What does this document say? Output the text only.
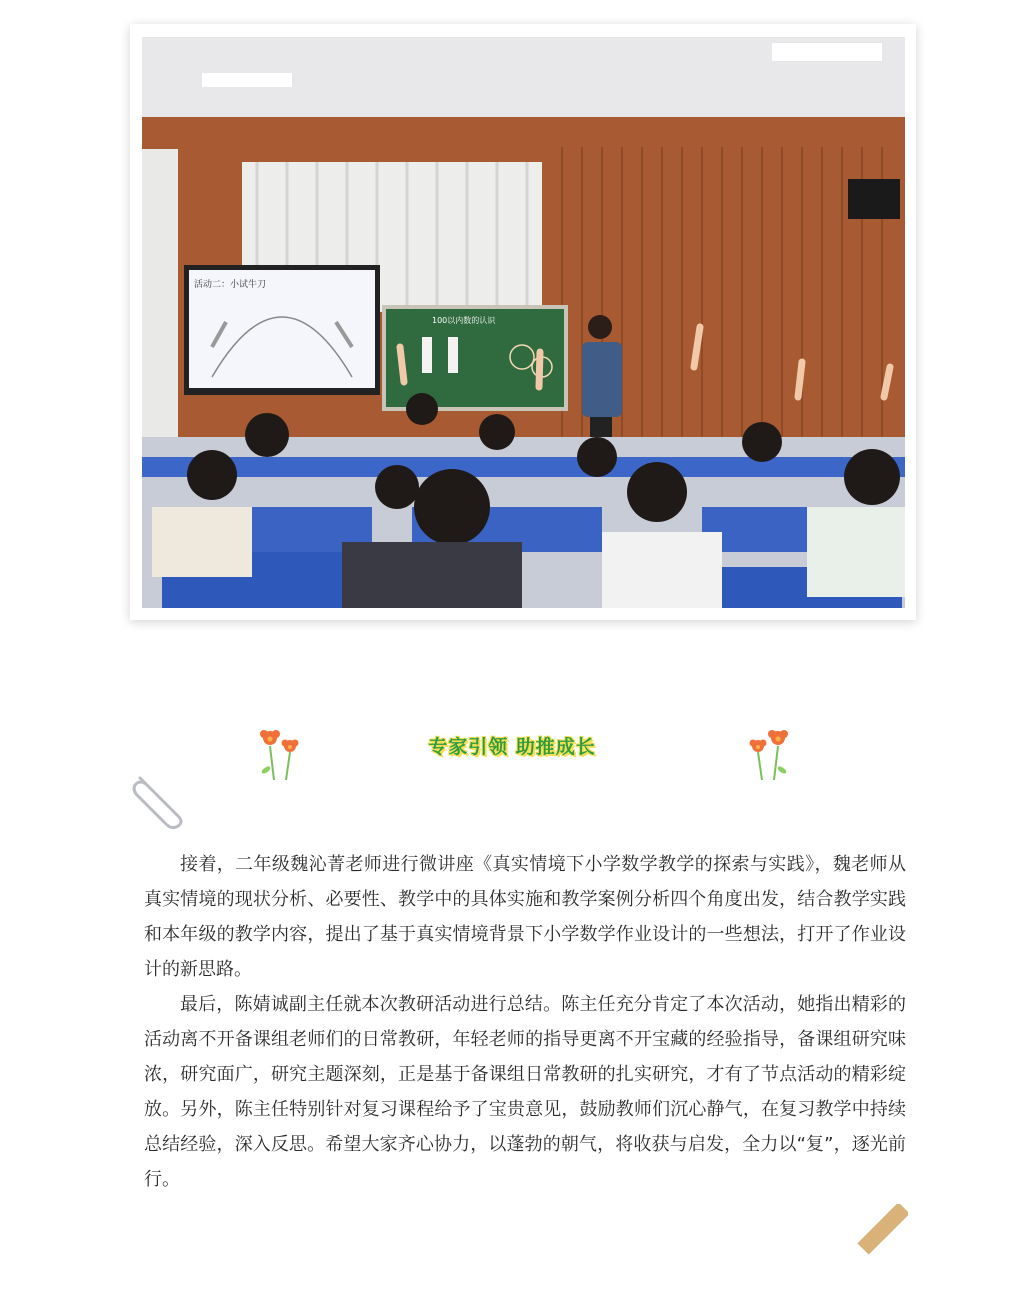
活动二：小试牛刀
100以内数的认识
专家引领 助推成长

接着，二年级魏沁菁老师进行微讲座《真实情境下小学数学教学的探索与实践》，魏老师从真实情境的现状分析、必要性、教学中的具体实施和教学案例分析四个角度出发，结合教学实践和本年级的教学内容，提出了基于真实情境背景下小学数学作业设计的一些想法，打开了作业设计的新思路。

最后，陈婧诚副主任就本次教研活动进行总结。陈主任充分肯定了本次活动，她指出精彩的活动离不开备课组老师们的日常教研，年轻老师的指导更离不开宝藏的经验指导，备课组研究味浓，研究面广，研究主题深刻，正是基于备课组日常教研的扎实研究，才有了节点活动的精彩绽放。另外，陈主任特别针对复习课程给予了宝贵意见，鼓励教师们沉心静气，在复习教学中持续总结经验，深入反思。希望大家齐心协力，以蓬勃的朝气，将收获与启发，全力以“复”，逐光前行。
